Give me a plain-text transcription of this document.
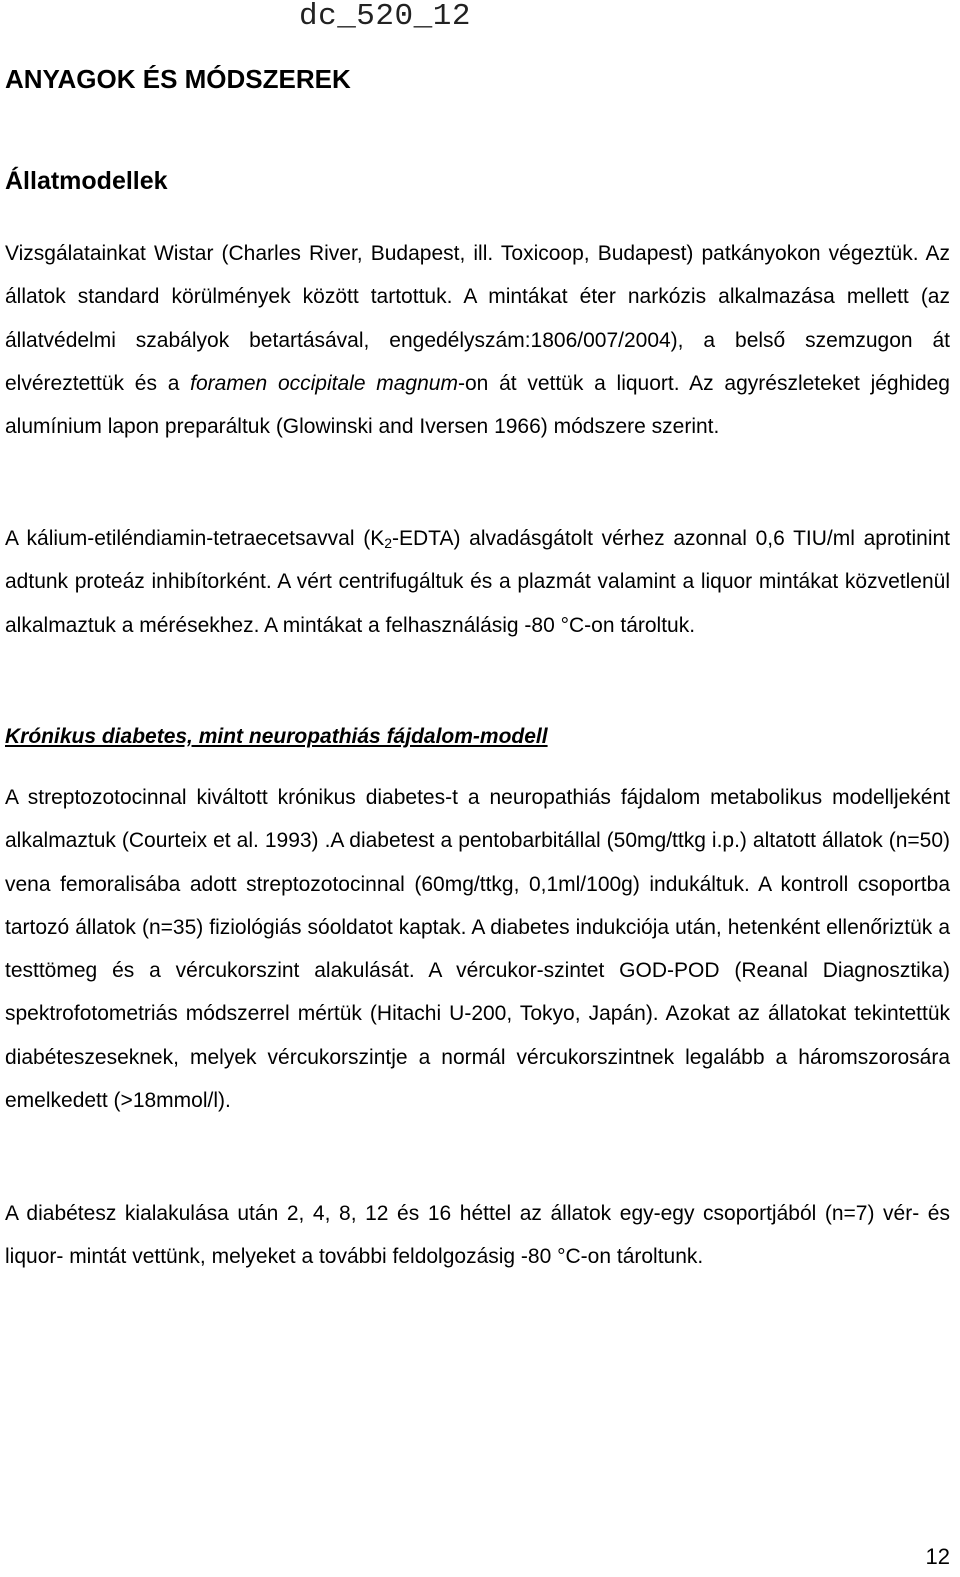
dc_520_12
ANYAGOK ÉS MÓDSZEREK
Állatmodellek

Vizsgálatainkat Wistar (Charles River, Budapest, ill. Toxicoop, Budapest) patkányokon végeztük. Az állatok standard körülmények között tartottuk. A mintákat éter narkózis alkalmazása mellett (az állatvédelmi szabályok betartásával, engedélyszám:1806/007/2004), a belső szemzugon át elvéreztettük és a foramen occipitale magnum-on át vettük a liquort. Az agyrészleteket jéghideg alumínium lapon preparáltuk (Glowinski and Iversen 1966) módszere szerint.

A kálium-etiléndiamin-tetraecetsavval $(K_2-EDTA)$ alvadásgátolt vérhez azonnal 0,6 TIU/ml aprotinint adtunk proteáz inhibítorként. A vért centrifugáltuk és a plazmát valamint a liquor mintákat közvetlenül alkalmaztuk a mérésekhez. A mintákat a felhasználásig -80 °C-on tároltuk.

Krónikus diabetes, mint neuropathiás fájdalom-modell

A streptozotocinnal kiváltott krónikus diabetes-t a neuropathiás fájdalom metabolikus modelljeként alkalmaztuk (Courteix et al. 1993) .A diabetest a pentobarbitállal (50mg/ttkg i.p.) altatott állatok (n=50) vena femoralisába adott streptozotocinnal (60mg/ttkg, 0,1ml/100g) indukáltuk. A kontroll csoportba tartozó állatok (n=35) fiziológiás sóoldatot kaptak. A diabetes indukciója után, hetenként ellenőriztük a testtömeg és a vércukorszint alakulását. A vércukor-szintet GOD-POD (Reanal Diagnosztika) spektrofotometriás módszerrel mértük (Hitachi U-200, Tokyo, Japán). Azokat az állatokat tekintettük diabéteszeseknek, melyek vércukorszintje a normál vércukorszintnek legalább a háromszorosára emelkedett (>18mmol/l).

A diabétesz kialakulása után 2, 4, 8, 12 és 16 héttel az állatok egy-egy csoportjából (n=7) vér- és liquor- mintát vettünk, melyeket a további feldolgozásig -80 °C-on tároltunk.

12
